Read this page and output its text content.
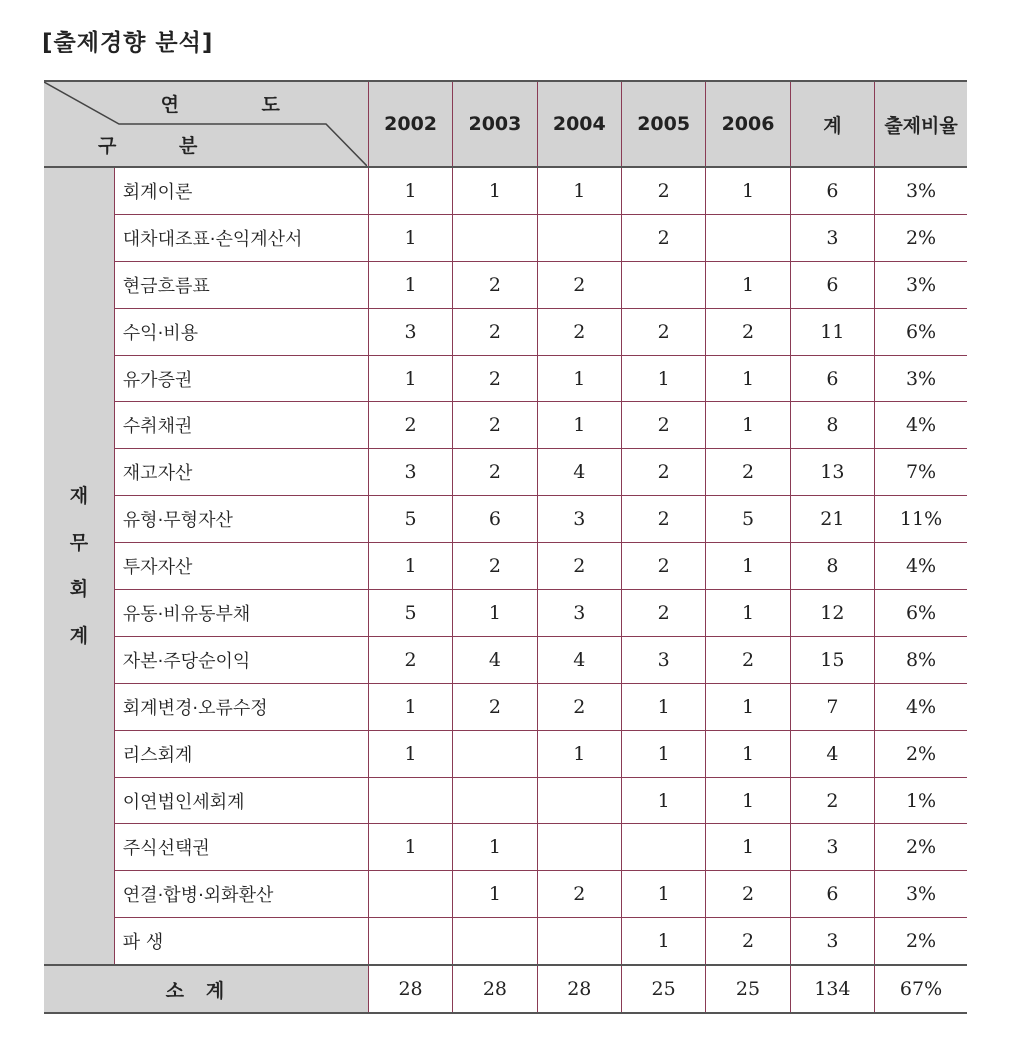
[출제경향 분석]
연 도
구 분		2002	2003	2004	2005	2006	계	출제비율

재
무
회
계	회계이론	1	1	1	2	1	6	3%
	대차대조표·손익계산서	1			2		3	2%
	현금흐름표	1	2	2		1	6	3%
	수익·비용	3	2	2	2	2	11	6%
	유가증권	1	2	1	1	1	6	3%
	수취채권	2	2	1	2	1	8	4%
	재고자산	3	2	4	2	2	13	7%
	유형·무형자산	5	6	3	2	5	21	11%
	투자자산	1	2	2	2	1	8	4%
	유동·비유동부채	5	1	3	2	1	12	6%
	자본·주당순이익	2	4	4	3	2	15	8%
	회계변경·오류수정	1	2	2	1	1	7	4%
	리스회계	1		1	1	1	4	2%
	이연법인세회계				1	1	2	1%
	주식선택권	1	1			1	3	2%
	연결·합병·외화환산		1	2	1	2	6	3%
	파 생				1	2	3	2%
소계		28	28	28	25	25	134	67%
